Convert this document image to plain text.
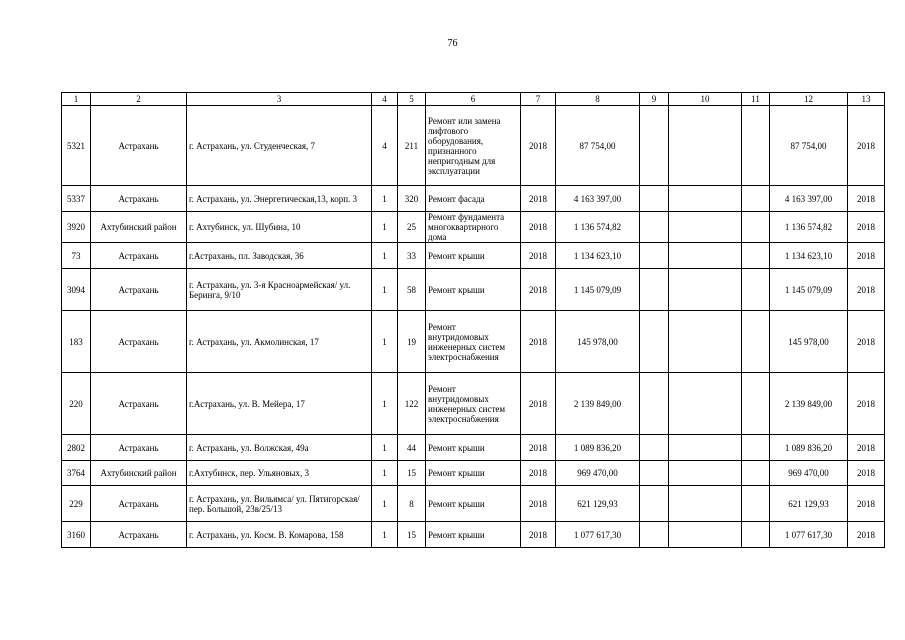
76
1	2	3	4	5	6	7	8	9	10	11	12	13
5321	Астрахань	г. Астрахань, ул. Студенческая, 7	4	211	Ремонт или замена лифтового оборудования, признанного непригодным для эксплуатации	2018	87 754,00				87 754,00	2018
5337	Астрахань	г. Астрахань, ул. Энергетическая,13, корп. 3	1	320	Ремонт фасада	2018	4 163 397,00				4 163 397,00	2018
3920	Ахтубинский район	г. Ахтубинск, ул. Шубина, 10	1	25	Ремонт фундамента многоквартирного дома	2018	1 136 574,82				1 136 574,82	2018
73	Астрахань	г.Астрахань, пл. Заводская, 36	1	33	Ремонт крыши	2018	1 134 623,10				1 134 623,10	2018
3094	Астрахань	г. Астрахань, ул. 3-я Красноармейская/ ул. Беринга, 9/10	1	58	Ремонт крыши	2018	1 145 079,09				1 145 079,09	2018
183	Астрахань	г. Астрахань, ул. Акмолинская, 17	1	19	Ремонт внутридомовых инженерных систем электроснабжения	2018	145 978,00				145 978,00	2018
220	Астрахань	г.Астрахань, ул. В. Мейера, 17	1	122	Ремонт внутридомовых инженерных систем электроснабжения	2018	2 139 849,00				2 139 849,00	2018
2802	Астрахань	г. Астрахань, ул. Волжская, 49а	1	44	Ремонт крыши	2018	1 089 836,20				1 089 836,20	2018
3764	Ахтубинский район	г.Ахтубинск, пер. Ульяновых, 3	1	15	Ремонт крыши	2018	969 470,00				969 470,00	2018
229	Астрахань	г. Астрахань, ул. Вильямса/ ул. Пятигорская/ пер. Большой, 23в/25/13	1	8	Ремонт крыши	2018	621 129,93				621 129,93	2018
3160	Астрахань	г. Астрахань, ул. Косм. В. Комарова, 158	1	15	Ремонт крыши	2018	1 077 617,30				1 077 617,30	2018
